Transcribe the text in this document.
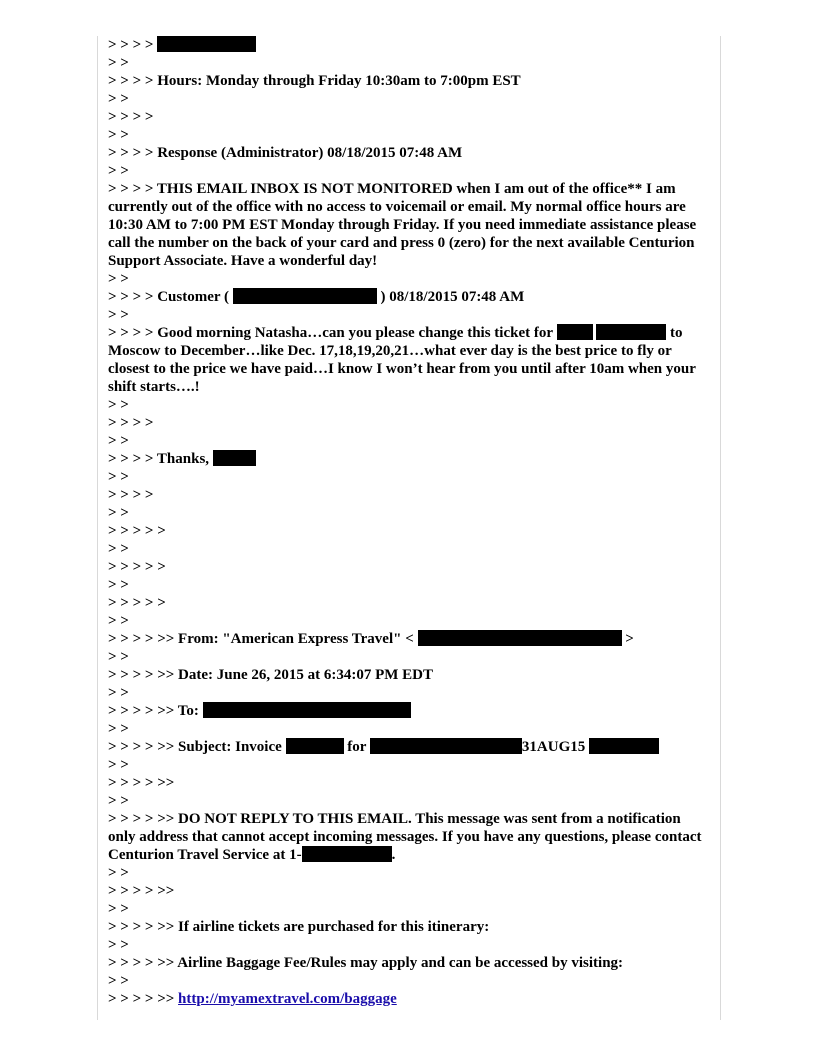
> > > >
> >
> > > > Hours: Monday through Friday 10:30am to 7:00pm EST
> >
> > > >
> >
> > > > Response (Administrator) 08/18/2015 07:48 AM
> >
> > > > THIS EMAIL INBOX IS NOT MONITORED when I am out of the office** I am currently out of the office with no access to voicemail or email. My normal office hours are 10:30 AM to 7:00 PM EST Monday through Friday. If you need immediate assistance please call the number on the back of your card and press 0 (zero) for the next available Centurion Support Associate. Have a wonderful day!
> >
> > > > Customer (	) 08/18/2015 07:48 AM
> >
> > > > Good morning Natasha…can you please change this ticket for	to Moscow to December…like Dec. 17,18,19,20,21…what ever day is the best price to fly or closest to the price we have paid…I know I won’t hear from you until after 10am when your shift starts….!
> >
> > > >
> >
> > > > Thanks,
> >
> > > >
> >
> > > > >
> >
> > > > >
> >
> > > > >
> >
> > > > >> From: "American Express Travel" <	>
> >
> > > > >> Date: June 26, 2015 at 6:34:07 PM EDT
> >
> > > > >> To:
> >
> > > > >> Subject: Invoice	for	31AUG15
> >
> > > > >>
> >
> > > > >> DO NOT REPLY TO THIS EMAIL. This message was sent from a notification only address that cannot accept incoming messages. If you have any questions, please contact Centurion Travel Service at 1-	.
> >
> > > > >>
> >
> > > > >> If airline tickets are purchased for this itinerary:
> >
> > > > >> Airline Baggage Fee/Rules may apply and can be accessed by visiting:
> >
> > > > >> http://myamextravel.com/baggage
